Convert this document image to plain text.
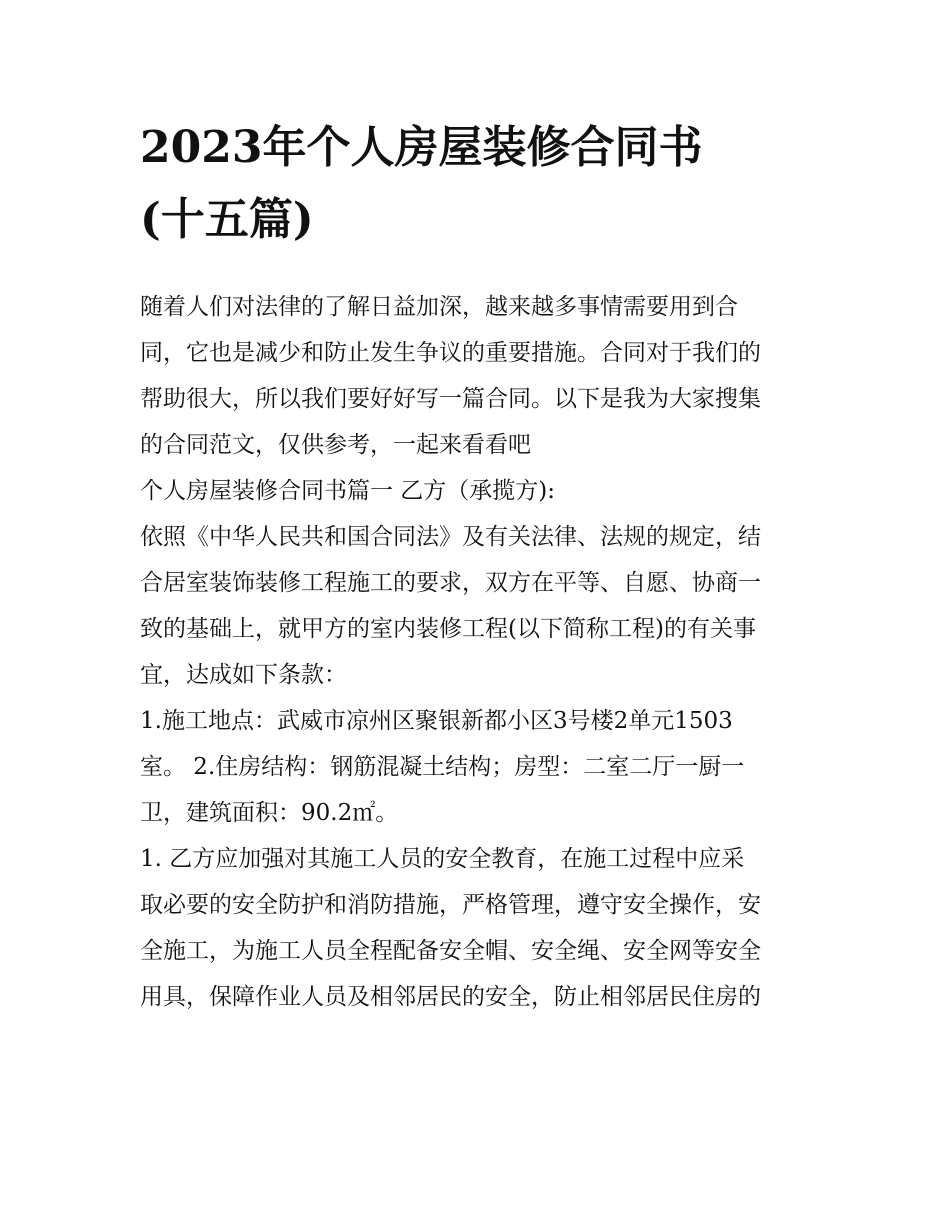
2023年个人房屋装修合同书
(十五篇)

随着人们对法律的了解日益加深，越来越多事情需要用到合
同，它也是减少和防止发生争议的重要措施。合同对于我们的
帮助很大，所以我们要好好写一篇合同。以下是我为大家搜集
的合同范文，仅供参考，一起来看看吧

个人房屋装修合同书篇一 乙方（承揽方):

依照《中华人民共和国合同法》及有关法律、法规的规定，结
合居室装饰装修工程施工的要求，双方在平等、自愿、协商一
致的基础上，就甲方的室内装修工程(以下简称工程)的有关事
宜，达成如下条款：

1.施工地点：武威市凉州区聚银新都小区3号楼2单元1503
室。 2.住房结构：钢筋混凝土结构；房型：二室二厅一厨一
卫，建筑面积：90.2㎡。

1. 乙方应加强对其施工人员的安全教育，在施工过程中应采
取必要的安全防护和消防措施，严格管理，遵守安全操作，安
全施工，为施工人员全程配备安全帽、安全绳、安全网等安全
用具，保障作业人员及相邻居民的安全，防止相邻居民住房的
